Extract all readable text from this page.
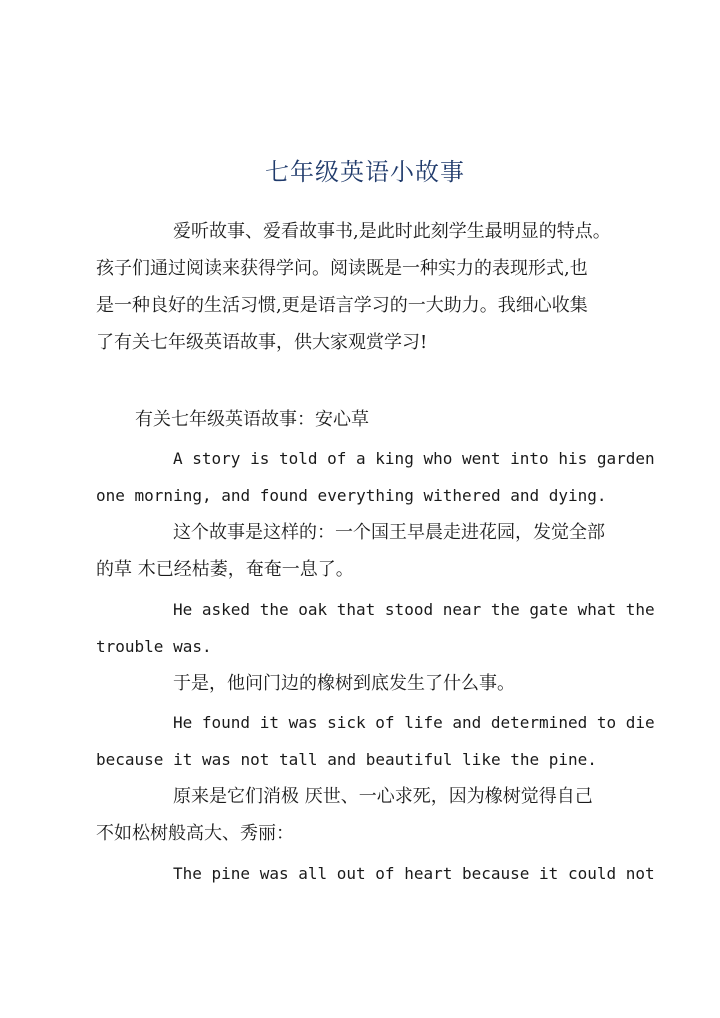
七年级英语小故事
爱听故事、爱看故事书,是此时此刻学生最明显的特点。
孩子们通过阅读来获得学问。阅读既是一种实力的表现形式,也
是一种良好的生活习惯,更是语言学习的一大助力。我细心收集
了有关七年级英语故事，供大家观赏学习!
有关七年级英语故事：安心草
A story is told of a king who went into his garden
one morning, and found everything withered and dying.
这个故事是这样的：一个国王早晨走进花园，发觉全部
的草 木已经枯萎，奄奄一息了。
He asked the oak that stood near the gate what the
trouble was.
于是，他问门边的橡树到底发生了什么事。
He found it was sick of life and determined to die
because it was not tall and beautiful like the pine.
原来是它们消极 厌世、一心求死，因为橡树觉得自己
不如松树般高大、秀丽：
The pine was all out of heart because it could not
